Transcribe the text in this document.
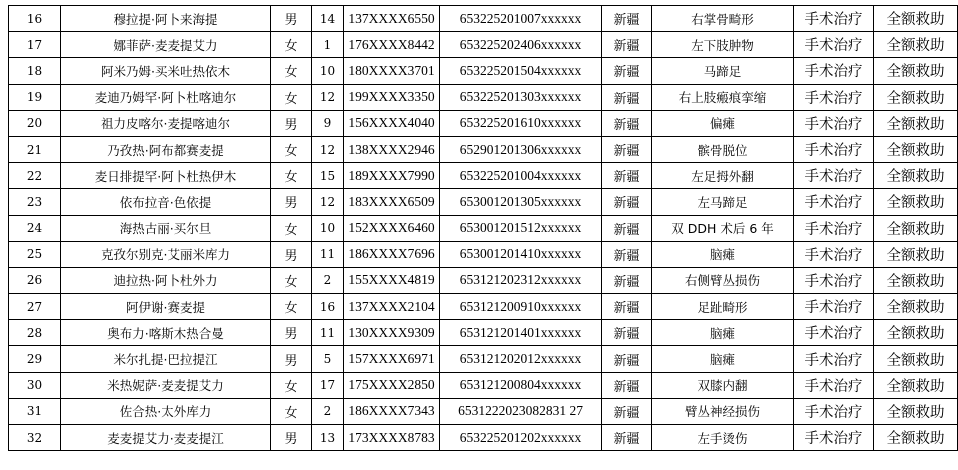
16	穆拉提·阿卜来海提	男	14	137XXXX6550	653225201007xxxxxx	新疆	右掌骨畸形	手术治疗	全额救助
17	娜菲萨·麦麦提艾力	女	1	176XXXX8442	653225202406xxxxxx	新疆	左下肢肿物	手术治疗	全额救助
18	阿米乃姆·买米吐热依木	女	10	180XXXX3701	653225201504xxxxxx	新疆	马蹄足	手术治疗	全额救助
19	麦迪乃姆罕·阿卜杜喀迪尔	女	12	199XXXX3350	653225201303xxxxxx	新疆	右上肢瘢痕挛缩	手术治疗	全额救助
20	祖力皮喀尔·麦提喀迪尔	男	9	156XXXX4040	653225201610xxxxxx	新疆	偏瘫	手术治疗	全额救助
21	乃孜热·阿布都赛麦提	女	12	138XXXX2946	652901201306xxxxxx	新疆	髌骨脱位	手术治疗	全额救助
22	麦日排提罕·阿卜杜热伊木	女	15	189XXXX7990	653225201004xxxxxx	新疆	左足拇外翻	手术治疗	全额救助
23	依布拉音·色依提	男	12	183XXXX6509	653001201305xxxxxx	新疆	左马蹄足	手术治疗	全额救助
24	海热古丽·买尔旦	女	10	152XXXX6460	653001201512xxxxxx	新疆	双 DDH 术后 6 年	手术治疗	全额救助
25	克孜尔别克·艾丽米库力	男	11	186XXXX7696	653001201410xxxxxx	新疆	脑瘫	手术治疗	全额救助
26	迪拉热·阿卜杜外力	女	2	155XXXX4819	653121202312xxxxxx	新疆	右侧臂丛损伤	手术治疗	全额救助
27	阿伊谢·赛麦提	女	16	137XXXX2104	653121200910xxxxxx	新疆	足趾畸形	手术治疗	全额救助
28	奥布力·喀斯木热合曼	男	11	130XXXX9309	653121201401xxxxxx	新疆	脑瘫	手术治疗	全额救助
29	米尔扎提·巴拉提江	男	5	157XXXX6971	653121202012xxxxxx	新疆	脑瘫	手术治疗	全额救助
30	米热妮萨·麦麦提艾力	女	17	175XXXX2850	653121200804xxxxxx	新疆	双膝内翻	手术治疗	全额救助
31	佐合热·太外库力	女	2	186XXXX7343	6531222023082831 27	新疆	臂丛神经损伤	手术治疗	全额救助
32	麦麦提艾力·麦麦提江	男	13	173XXXX8783	653225201202xxxxxx	新疆	左手烫伤	手术治疗	全额救助
